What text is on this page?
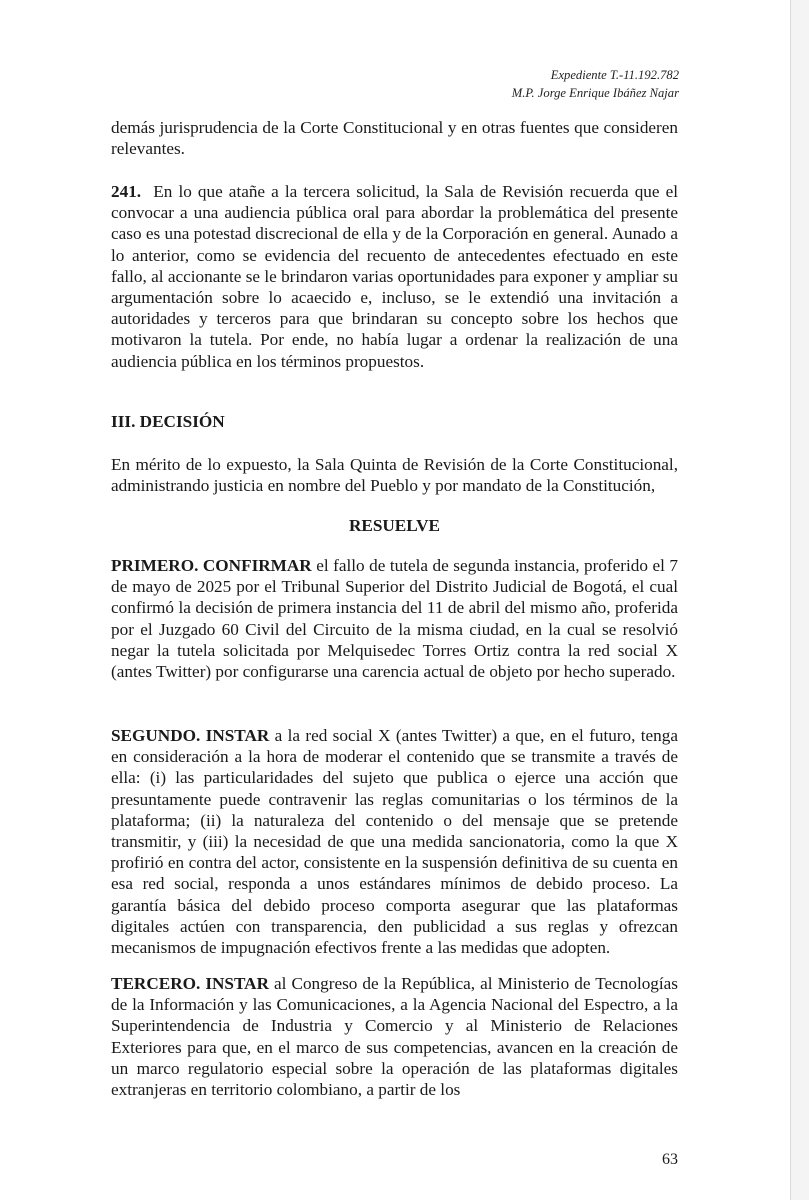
Expediente T.-11.192.782
M.P. Jorge Enrique Ibáñez Najar

demás jurisprudencia de la Corte Constitucional y en otras fuentes que consideren relevantes.

241. En lo que atañe a la tercera solicitud, la Sala de Revisión recuerda que el convocar a una audiencia pública oral para abordar la problemática del presente caso es una potestad discrecional de ella y de la Corporación en general. Aunado a lo anterior, como se evidencia del recuento de antecedentes efectuado en este fallo, al accionante se le brindaron varias oportunidades para exponer y ampliar su argumentación sobre lo acaecido e, incluso, se le extendió una invitación a autoridades y terceros para que brindaran su concepto sobre los hechos que motivaron la tutela. Por ende, no había lugar a ordenar la realización de una audiencia pública en los términos propuestos.

III. DECISIÓN

En mérito de lo expuesto, la Sala Quinta de Revisión de la Corte Constitucional, administrando justicia en nombre del Pueblo y por mandato de la Constitución,

RESUELVE

PRIMERO. CONFIRMAR el fallo de tutela de segunda instancia, proferido el 7 de mayo de 2025 por el Tribunal Superior del Distrito Judicial de Bogotá, el cual confirmó la decisión de primera instancia del 11 de abril del mismo año, proferida por el Juzgado 60 Civil del Circuito de la misma ciudad, en la cual se resolvió negar la tutela solicitada por Melquisedec Torres Ortiz contra la red social X (antes Twitter) por configurarse una carencia actual de objeto por hecho superado.

SEGUNDO. INSTAR a la red social X (antes Twitter) a que, en el futuro, tenga en consideración a la hora de moderar el contenido que se transmite a través de ella: (i) las particularidades del sujeto que publica o ejerce una acción que presuntamente puede contravenir las reglas comunitarias o los términos de la plataforma; (ii) la naturaleza del contenido o del mensaje que se pretende transmitir, y (iii) la necesidad de que una medida sancionatoria, como la que X profirió en contra del actor, consistente en la suspensión definitiva de su cuenta en esa red social, responda a unos estándares mínimos de debido proceso. La garantía básica del debido proceso comporta asegurar que las plataformas digitales actúen con transparencia, den publicidad a sus reglas y ofrezcan mecanismos de impugnación efectivos frente a las medidas que adopten.

TERCERO. INSTAR al Congreso de la República, al Ministerio de Tecnologías de la Información y las Comunicaciones, a la Agencia Nacional del Espectro, a la Superintendencia de Industria y Comercio y al Ministerio de Relaciones Exteriores para que, en el marco de sus competencias, avancen en la creación de un marco regulatorio especial sobre la operación de las plataformas digitales extranjeras en territorio colombiano, a partir de los

63
